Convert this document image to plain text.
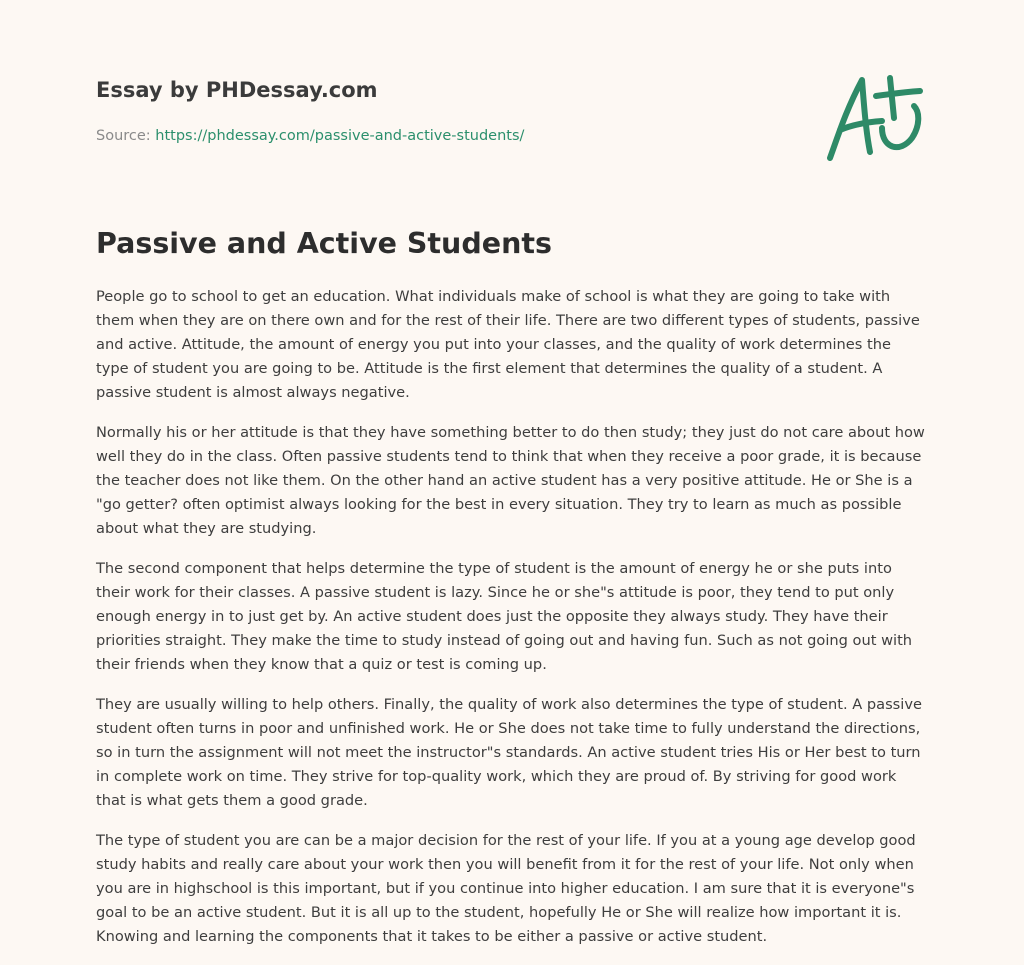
Essay by PHDessay.com
Source: https://phdessay.com/passive-and-active-students/
Passive and Active Students

People go to school to get an education. What individuals make of school is what they are going to take with them when they are on there own and for the rest of their life. There are two different types of students, passive and active. Attitude, the amount of energy you put into your classes, and the quality of work determines the type of student you are going to be. Attitude is the first element that determines the quality of a student. A passive student is almost always negative.

Normally his or her attitude is that they have something better to do then study; they just do not care about how well they do in the class. Often passive students tend to think that when they receive a poor grade, it is because the teacher does not like them. On the other hand an active student has a very positive attitude. He or She is a "go getter? often optimist always looking for the best in every situation. They try to learn as much as possible about what they are studying.

The second component that helps determine the type of student is the amount of energy he or she puts into their work for their classes. A passive student is lazy. Since he or she"s attitude is poor, they tend to put only enough energy in to just get by. An active student does just the opposite they always study. They have their priorities straight. They make the time to study instead of going out and having fun. Such as not going out with their friends when they know that a quiz or test is coming up.

They are usually willing to help others. Finally, the quality of work also determines the type of student. A passive student often turns in poor and unfinished work. He or She does not take time to fully understand the directions, so in turn the assignment will not meet the instructor"s standards. An active student tries His or Her best to turn in complete work on time. They strive for top-quality work, which they are proud of. By striving for good work that is what gets them a good grade.

The type of student you are can be a major decision for the rest of your life. If you at a young age develop good study habits and really care about your work then you will benefit from it for the rest of your life. Not only when you are in highschool is this important, but if you continue into higher education. I am sure that it is everyone"s goal to be an active student. But it is all up to the student, hopefully He or She will realize how important it is. Knowing and learning the components that it takes to be either a passive or active student.
